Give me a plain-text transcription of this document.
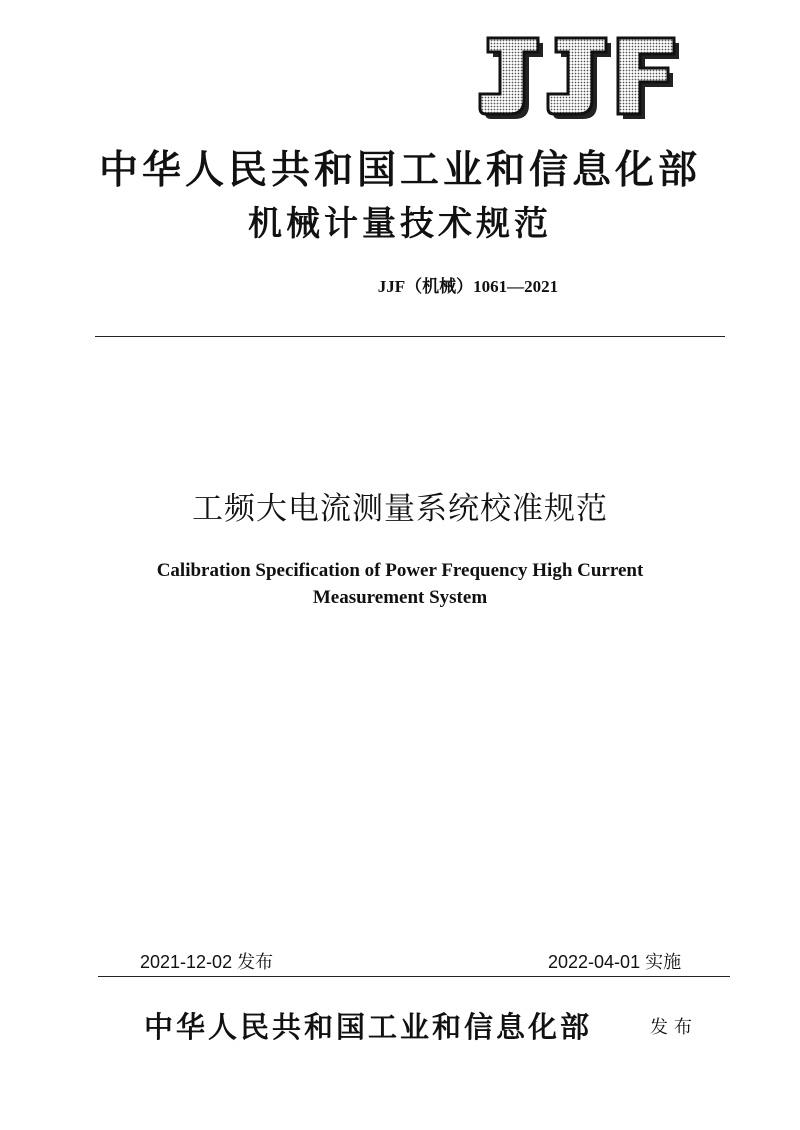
中华人民共和国工业和信息化部
机械计量技术规范
JJF（机械）1061—2021
工频大电流测量系统校准规范
Calibration Specification of Power Frequency High Current
Measurement System
2021-12-02 发布	2022-04-01 实施
中华人民共和国工业和信息化部	发布
